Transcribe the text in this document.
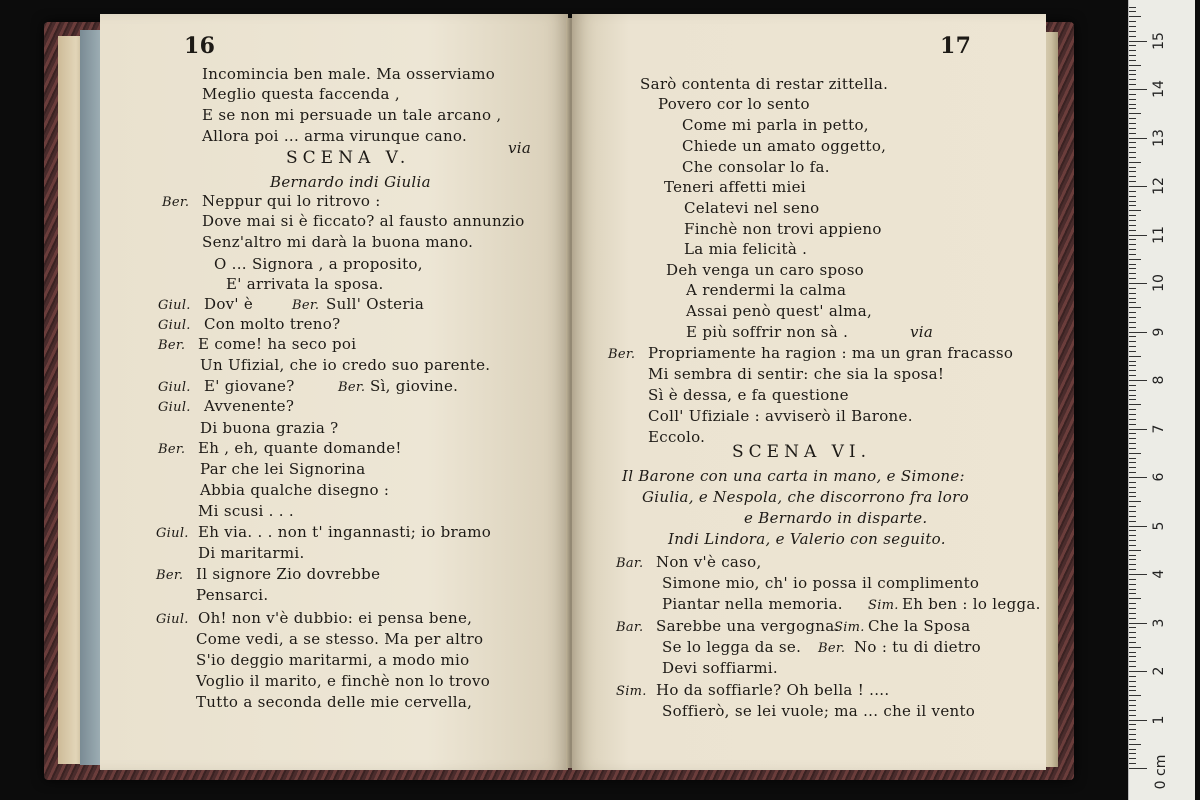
16
Incomincia ben male. Ma osserviamo
Meglio questa faccenda ,
E se non mi persuade un tale arcano ,
Allora poi ... arma virunque cano.
via
SCENA V.
Bernardo indi Giulia
Ber. Neppur qui lo ritrovo :
Dove mai si è ficcato? al fausto annunzio
Senz'altro mi darà la buona mano.
O ... Signora , a proposito,
E' arrivata la sposa.
Giul. Dov' è	Ber. Sull' Osteria
Giul. Con molto treno?
Ber. E come! ha seco poi
Un Ufizial, che io credo suo parente.
Giul. E' giovane?	Ber. Sì, giovine.
Giul. Avvenente?
Di buona grazia ?
Ber. Eh , eh, quante domande!
Par che lei Signorina
Abbia qualche disegno :
Mi scusi . . .
Giul. Eh via. . . non t' ingannasti; io bramo
Di maritarmi.
Ber. Il signore Zio dovrebbe
Pensarci.
Giul. Oh! non v'è dubbio: ei pensa bene,
Come vedi, a se stesso. Ma per altro
S'io deggio maritarmi, a modo mio
Voglio il marito, e finchè non lo trovo
Tutto a seconda delle mie cervella,
17
Sarò contenta di restar zittella.
Povero cor lo sento
Come mi parla in petto,
Chiede un amato oggetto,
Che consolar lo fa.
Teneri affetti miei
Celatevi nel seno
Finchè non trovi appieno
La mia felicità .
Deh venga un caro sposo
A rendermi la calma
Assai penò quest' alma,
E più soffrir non sà .	via
Ber. Propriamente ha ragion : ma un gran fracasso
Mi sembra di sentir: che sia la sposa!
Sì è dessa, e fa questione
Coll' Ufiziale : avviserò il Barone.
Eccolo.
SCENA VI.
Il Barone con una carta in mano, e Simone:
Giulia, e Nespola, che discorrono fra loro
e Bernardo in disparte.
Indi Lindora, e Valerio con seguito.
Bar. Non v'è caso,
Simone mio, ch' io possa il complimento
Piantar nella memoria. Sim. Eh ben : lo legga.
Bar. Sarebbe una vergogna.
Sim. Che la Sposa
Se lo legga da se. Ber. No : tu di dietro
Devi soffiarmi.
Sim. Ho da soffiarle? Oh bella ! ....
Soffierò, se lei vuole; ma ... che il vento
0 cm
1
2
3
4
5
6
7
8
9
10
11
12
13
14
15
